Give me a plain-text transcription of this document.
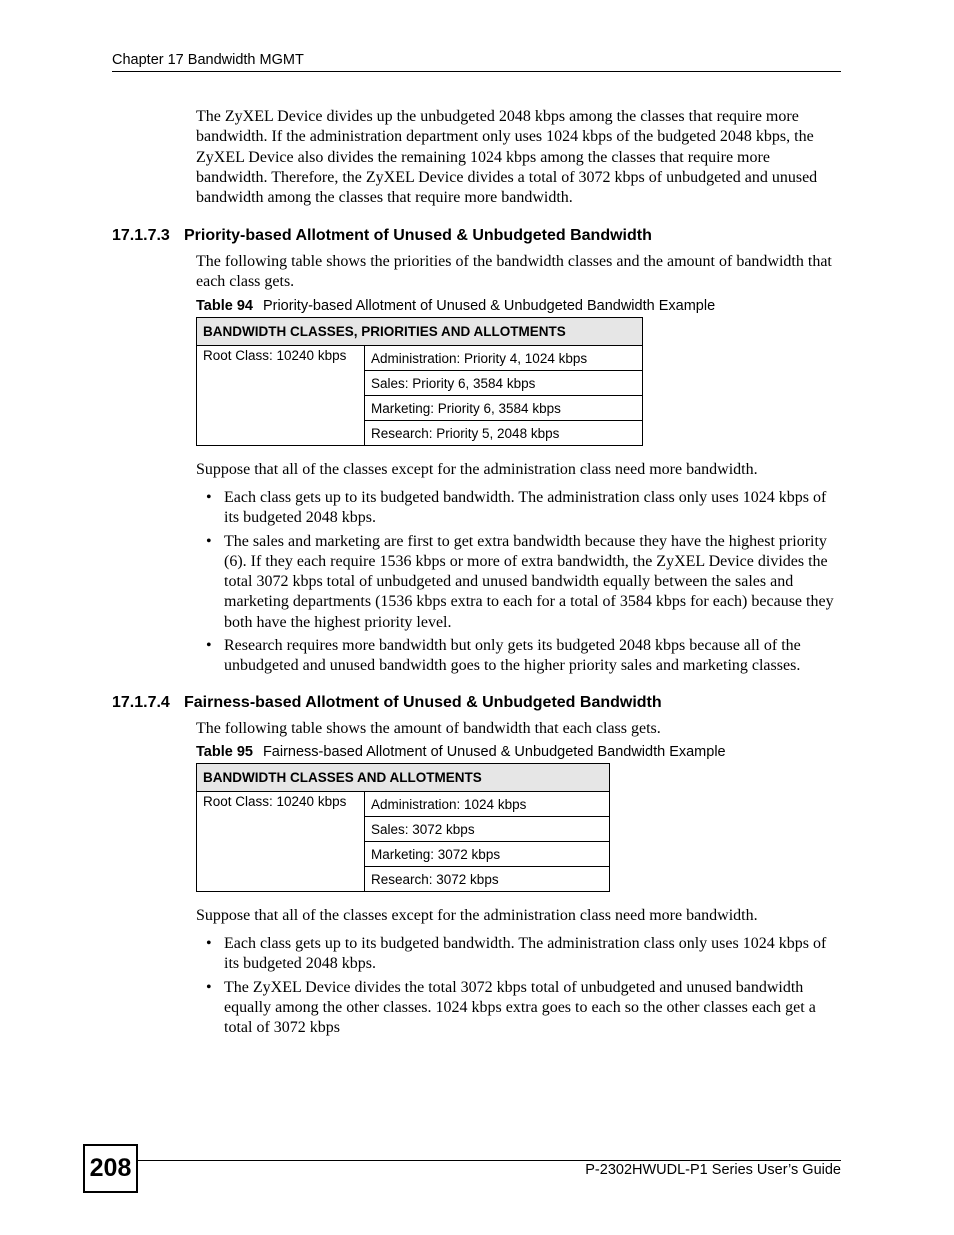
Chapter 17 Bandwidth MGMT
The ZyXEL Device divides up the unbudgeted 2048 kbps among the classes that require more bandwidth. If the administration department only uses 1024 kbps of the budgeted 2048 kbps, the ZyXEL Device also divides the remaining 1024 kbps among the classes that require more bandwidth. Therefore, the ZyXEL Device divides a total of 3072 kbps of unbudgeted and unused bandwidth among the classes that require more bandwidth.
17.1.7.3 Priority-based Allotment of Unused & Unbudgeted Bandwidth
The following table shows the priorities of the bandwidth classes and the amount of bandwidth that each class gets.
Table 94 Priority-based Allotment of Unused & Unbudgeted Bandwidth Example
BANDWIDTH CLASSES, PRIORITIES AND ALLOTMENTS
Root Class: 10240 kbps	Administration: Priority 4, 1024 kbps
Sales: Priority 6, 3584 kbps
Marketing: Priority 6, 3584 kbps
Research: Priority 5, 2048 kbps
Suppose that all of the classes except for the administration class need more bandwidth.
• Each class gets up to its budgeted bandwidth. The administration class only uses 1024 kbps of its budgeted 2048 kbps.
• The sales and marketing are first to get extra bandwidth because they have the highest priority (6). If they each require 1536 kbps or more of extra bandwidth, the ZyXEL Device divides the total 3072 kbps total of unbudgeted and unused bandwidth equally between the sales and marketing departments (1536 kbps extra to each for a total of 3584 kbps for each) because they both have the highest priority level.
• Research requires more bandwidth but only gets its budgeted 2048 kbps because all of the unbudgeted and unused bandwidth goes to the higher priority sales and marketing classes.
17.1.7.4 Fairness-based Allotment of Unused & Unbudgeted Bandwidth
The following table shows the amount of bandwidth that each class gets.
Table 95 Fairness-based Allotment of Unused & Unbudgeted Bandwidth Example
BANDWIDTH CLASSES AND ALLOTMENTS
Root Class: 10240 kbps	Administration: 1024 kbps
Sales: 3072 kbps
Marketing: 3072 kbps
Research: 3072 kbps
Suppose that all of the classes except for the administration class need more bandwidth.
• Each class gets up to its budgeted bandwidth. The administration class only uses 1024 kbps of its budgeted 2048 kbps.
• The ZyXEL Device divides the total 3072 kbps total of unbudgeted and unused bandwidth equally among the other classes. 1024 kbps extra goes to each so the other classes each get a total of 3072 kbps
208	P-2302HWUDL-P1 Series User’s Guide
